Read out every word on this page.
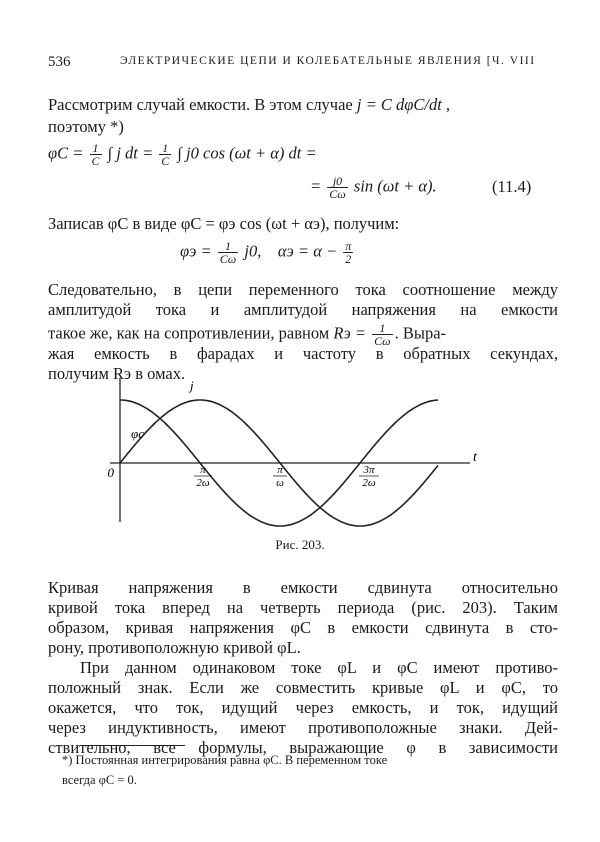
536	ЭЛЕКТРИЧЕСКИЕ ЦЕПИ И КОЛЕБАТЕЛЬНЫЕ ЯВЛЕНИЯ [Ч. VIII
Рассмотрим случай емкости. В этом случае j = C dφC/dt ,
поэтому *)
$\varphi C = \frac{1}{C}$ ∫ j dt = $\frac{1}{C}$ ∫ j0 cos (ωt + α) dt =
= $\frac{j0}{C\omega}$ sin (ωt + α).	(11.4)
Записав φC в виде φC = φэ cos (ωt + αэ), получим:
$\varphi э = \frac{1}{C\omega} j0$, $\alpha э = \alpha - \frac{\pi}{2}$
Следовательно, в цепи переменного тока соотношение между
амплитудой тока и амплитудой напряжения на емкости
такое же, как на сопротивлении, равном Rэ = $\frac{1}{C\omega}$ . Выра-
жая емкость в фарадах и частоту в обратных секундах,
получим Rэ в омах.
j
φc
t
0	π
2ω
π
ω
3π
2ω
Рис. 203.
Кривая напряжения в емкости сдвинута относительно
кривой тока вперед на четверть периода (рис. 203). Таким
образом, кривая напряжения φC в емкости сдвинута в сто-
рону, противоположную кривой φL.
При данном одинаковом токе φL и φC имеют противо-
положный знак. Если же совместить кривые φL и φC, то
окажется, что ток, идущий через емкость, и ток, идущий
через индуктивность, имеют противоположные знаки. Дей-
ствительно, все формулы, выражающие φ в зависимости
*) Постоянная интегрирования равна φC. В переменном токе
всегда φC = 0.
